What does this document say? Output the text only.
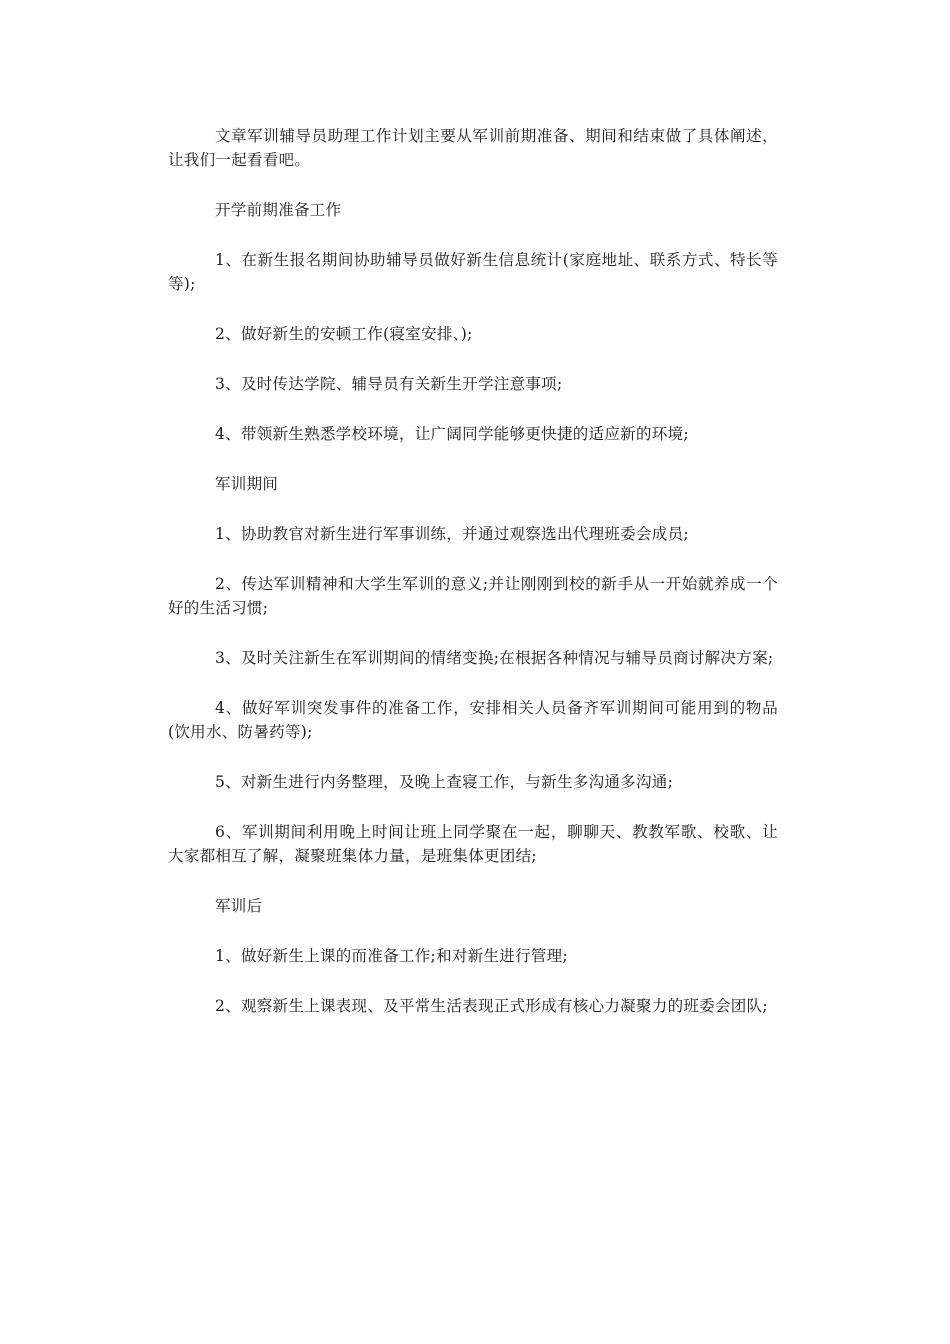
文章军训辅导员助理工作计划主要从军训前期准备、期间和结束做了具体阐述，让我们一起看看吧。

开学前期准备工作

1、在新生报名期间协助辅导员做好新生信息统计(家庭地址、联系方式、特长等等);

2、做好新生的安顿工作(寝室安排、);

3、及时传达学院、辅导员有关新生开学注意事项;

4、带领新生熟悉学校环境，让广阔同学能够更快捷的适应新的环境;

军训期间

1、协助教官对新生进行军事训练，并通过观察选出代理班委会成员;

2、传达军训精神和大学生军训的意义;并让刚刚到校的新手从一开始就养成一个好的生活习惯;

3、及时关注新生在军训期间的情绪变换;在根据各种情况与辅导员商讨解决方案;

4、做好军训突发事件的准备工作，安排相关人员备齐军训期间可能用到的物品(饮用水、防暑药等);

5、对新生进行内务整理，及晚上查寝工作，与新生多沟通多沟通;

6、军训期间利用晚上时间让班上同学聚在一起，聊聊天、教教军歌、校歌、让大家都相互了解，凝聚班集体力量，是班集体更团结;

军训后

1、做好新生上课的而准备工作;和对新生进行管理;

2、观察新生上课表现、及平常生活表现正式形成有核心力凝聚力的班委会团队;
